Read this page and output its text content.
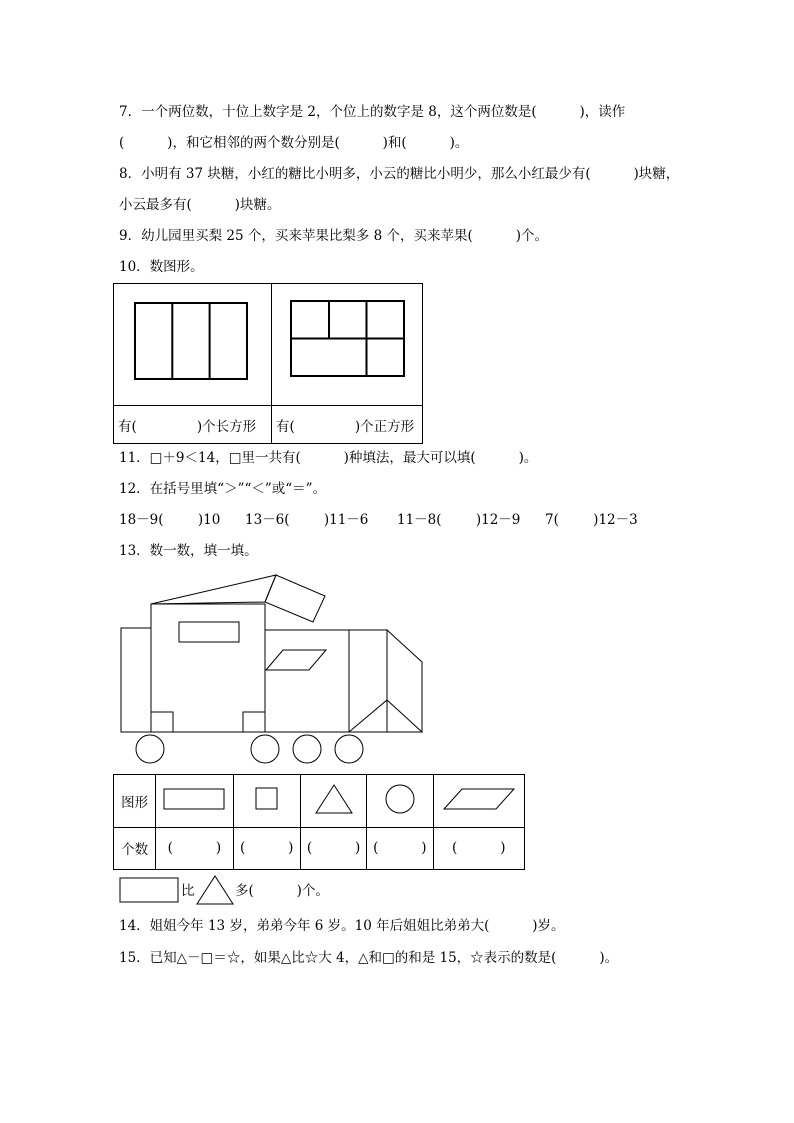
7．一个两位数，十位上数字是 2，个位上的数字是 8，这个两位数是(          )，读作
(          )，和它相邻的两个数分别是(          )和(          )。
8．小明有 37 块糖，小红的糖比小明多，小云的糖比小明少，那么小红最少有(          )块糖，
小云最多有(          )块糖。
9．幼儿园里买梨 25 个，买来苹果比梨多 8 个，买来苹果(          )个。
10．数图形。

有(              )个长方形	有(              )个正方形
11．□＋9＜14，□里一共有(          )种填法，最大可以填(          )。
12．在括号里填“＞”“＜”或“＝”。
18－9(        )10 13－6(        )11－6 11－8(        )12－9 7(        )12－3
13．数一数，填一填。
图形					
个数	(          )	(          )	(          )	(          )	(          )
比	多(          )个。
14．姐姐今年 13 岁，弟弟今年 6 岁。10 年后姐姐比弟弟大(          )岁。
15．已知△－□＝☆，如果△比☆大 4，△和□的和是 15，☆表示的数是(          )。
